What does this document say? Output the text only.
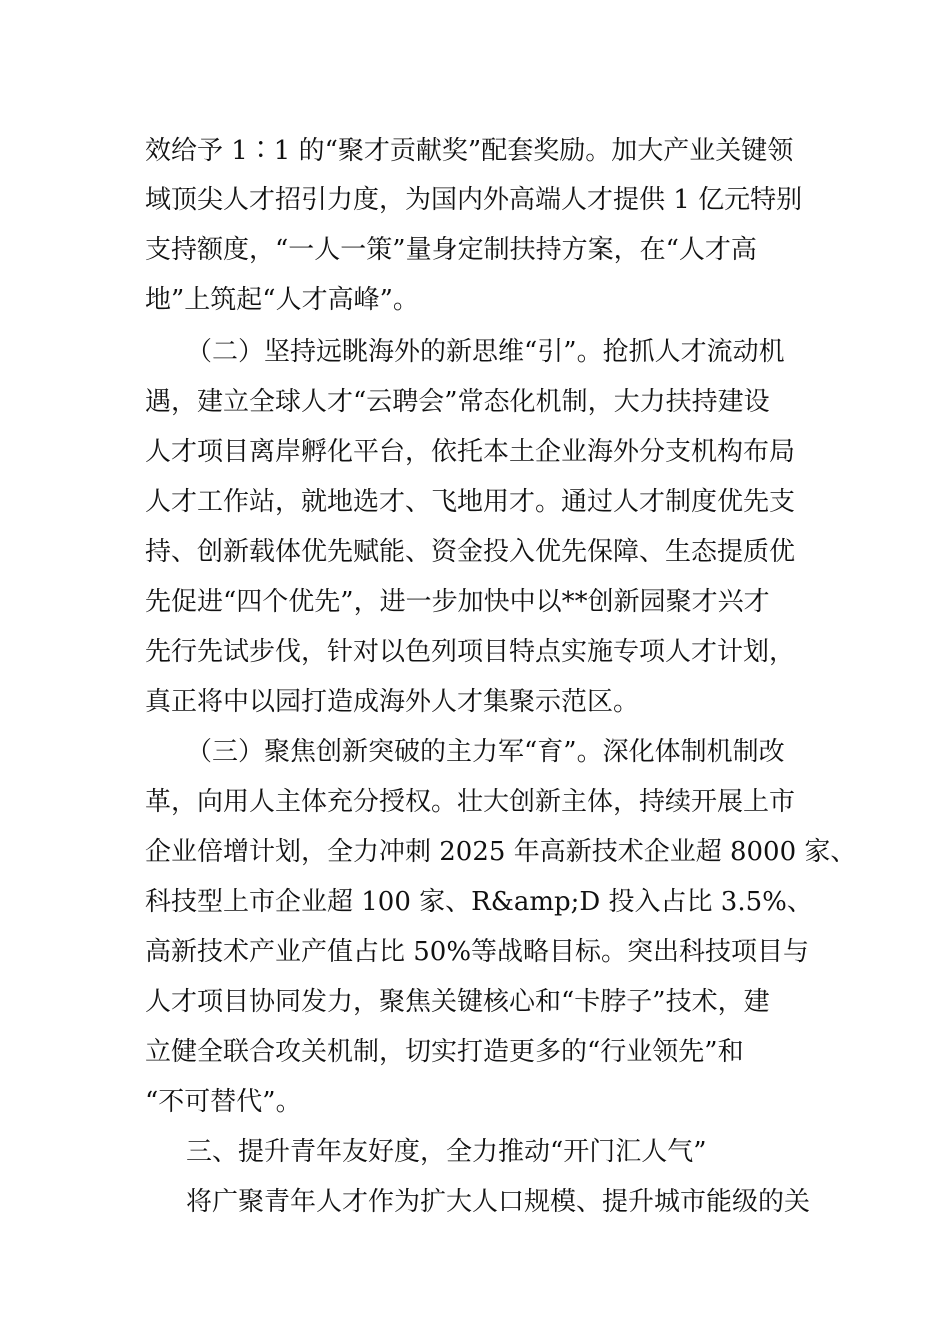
效给予 1∶1 的“聚才贡献奖”配套奖励。加大产业关键领
域顶尖人才招引力度，为国内外高端人才提供 1 亿元特别
支持额度，“一人一策”量身定制扶持方案，在“人才高
地”上筑起“人才高峰”。
（二）坚持远眺海外的新思维“引”。抢抓人才流动机
遇，建立全球人才“云聘会”常态化机制，大力扶持建设
人才项目离岸孵化平台，依托本土企业海外分支机构布局
人才工作站，就地选才、飞地用才。通过人才制度优先支
持、创新载体优先赋能、资金投入优先保障、生态提质优
先促进“四个优先”，进一步加快中以**创新园聚才兴才
先行先试步伐，针对以色列项目特点实施专项人才计划，
真正将中以园打造成海外人才集聚示范区。
（三）聚焦创新突破的主力军“育”。深化体制机制改
革，向用人主体充分授权。壮大创新主体，持续开展上市
企业倍增计划，全力冲刺 2025 年高新技术企业超 8000 家、
科技型上市企业超 100 家、R&amp;D 投入占比 3.5%、
高新技术产业产值占比 50%等战略目标。突出科技项目与
人才项目协同发力，聚焦关键核心和“卡脖子”技术，建
立健全联合攻关机制，切实打造更多的“行业领先”和
“不可替代”。
三、提升青年友好度，全力推动“开门汇人气”
将广聚青年人才作为扩大人口规模、提升城市能级的关
